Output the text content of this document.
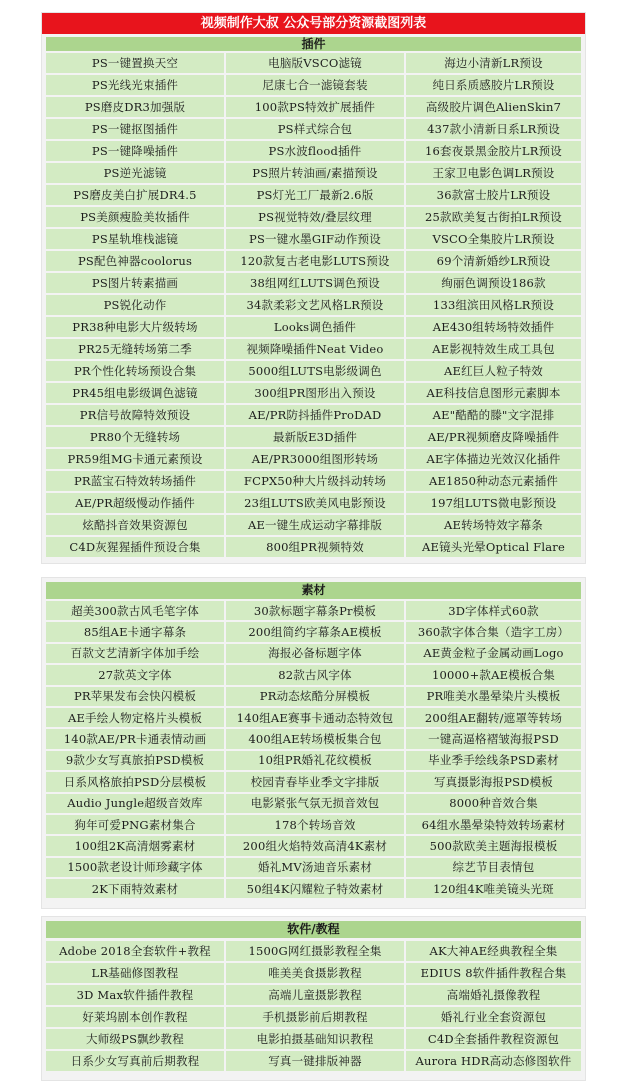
视频制作大叔 公众号部分资源截图列表
插件
PS一键置换天空	电脑版VSCO滤镜	海边小清新LR预设
PS光线光束插件	尼康七合一滤镜套装	纯日系质感胶片LR预设
PS磨皮DR3加强版	100款PS特效扩展插件	高级胶片调色AlienSkin7
PS一键抠图插件	PS样式综合包	437款小清新日系LR预设
PS一键降噪插件	PS水波flood插件	16套夜景黑金胶片LR预设
PS逆光滤镜	PS照片转油画/素描预设	王家卫电影色调LR预设
PS磨皮美白扩展DR4.5	PS灯光工厂最新2.6版	36款富士胶片LR预设
PS美颜瘦脸美妆插件	PS视觉特效/叠层纹理	25款欧美复古街拍LR预设
PS星轨堆栈滤镜	PS一键水墨GIF动作预设	VSCO全集胶片LR预设
PS配色神器coolorus	120款复古老电影LUTS预设	69个清新婚纱LR预设
PS图片转素描画	38组网红LUTS调色预设	绚丽色调预设186款
PS锐化动作	34款柔彩文艺风格LR预设	133组滨田风格LR预设
PR38种电影大片级转场	Looks调色插件	AE430组转场特效插件
PR25无缝转场第二季	视频降噪插件Neat Video	AE影视特效生成工具包
PR个性化转场预设合集	5000组LUTS电影级调色	AE红巨人粒子特效
PR45组电影级调色滤镜	300组PR图形出入预设	AE科技信息图形元素脚本
PR信号故障特效预设	AE/PR防抖插件ProDAD	AE"酷酷的滕"文字混排
PR80个无缝转场	最新版E3D插件	AE/PR视频磨皮降噪插件
PR59组MG卡通元素预设	AE/PR3000组图形转场	AE字体描边光效汉化插件
PR蓝宝石特效转场插件	FCPX50种大片级抖动转场	AE1850种动态元素插件
AE/PR超级慢动作插件	23组LUTS欧美风电影预设	197组LUTS微电影预设
炫酷抖音效果资源包	AE一键生成运动字幕排版	AE转场特效字幕条
C4D灰猩猩插件预设合集	800组PR视频特效	AE镜头光晕Optical Flare
素材
超美300款古风毛笔字体	30款标题字幕条Pr模板	3D字体样式60款
85组AE卡通字幕条	200组简约字幕条AE模板	360款字体合集（造字工房）
百款文艺清新字体加手绘	海报必备标题字体	AE黄金粒子金属动画Logo
27款英文字体	82款古风字体	10000+款AE模板合集
PR苹果发布会快闪模板	PR动态炫酷分屏模板	PR唯美水墨晕染片头模板
AE手绘人物定格片头模板	140组AE赛事卡通动态特效包	200组AE翻转/遮罩等转场
140款AE/PR卡通表情动画	400组AE转场模板集合包	一键高逼格褶皱海报PSD
9款少女写真旅拍PSD模板	10组PR婚礼花纹模板	毕业季手绘线条PSD素材
日系风格旅拍PSD分层模板	校园青春毕业季文字排版	写真摄影海报PSD模板
Audio Jungle超级音效库	电影紧张气氛无损音效包	8000种音效合集
狗年可爱PNG素材集合	178个转场音效	64组水墨晕染特效转场素材
100组2K高清烟雾素材	200组火焰特效高清4K素材	500款欧美主题海报模板
1500款老设计师珍藏字体	婚礼MV汤迪音乐素材	综艺节目表情包
2K下雨特效素材	50组4K闪耀粒子特效素材	120组4K唯美镜头光斑
软件/教程
Adobe 2018全套软件+教程	1500G网红摄影教程全集	AK大神AE经典教程全集
LR基础修图教程	唯美美食摄影教程	EDIUS 8软件插件教程合集
3D Max软件插件教程	高端儿童摄影教程	高端婚礼摄像教程
好莱坞剧本创作教程	手机摄影前后期教程	婚礼行业全套资源包
大师级PS飘纱教程	电影拍摄基础知识教程	C4D全套插件教程资源包
日系少女写真前后期教程	写真一键排版神器	Aurora HDR高动态修图软件
